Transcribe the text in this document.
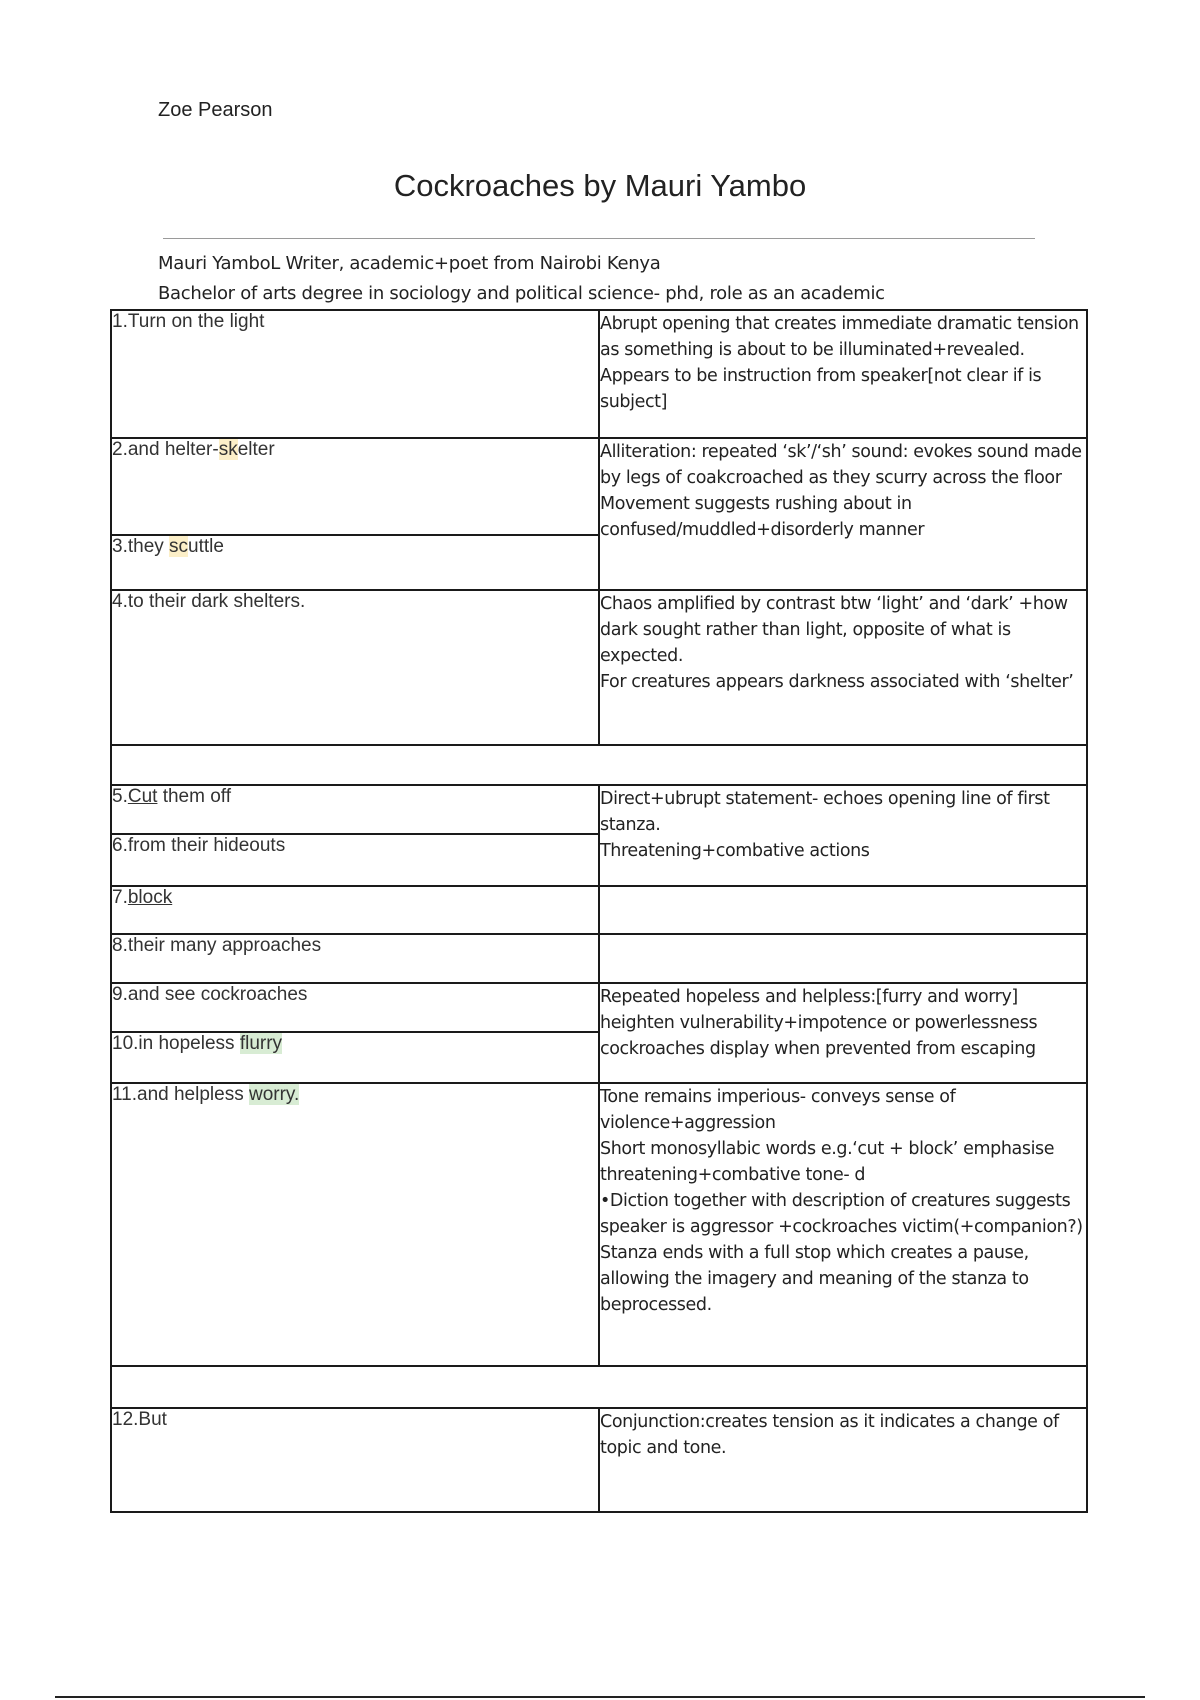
Zoe Pearson
Cockroaches by Mauri Yambo
Mauri YamboL Writer, academic+poet from Nairobi Kenya
Bachelor of arts degree in sociology and political science- phd, role as an academic
1.Turn on the light	Abrupt opening that creates immediate dramatic tension as something is about to be illuminated+revealed. Appears to be instruction from speaker[not clear if is subject]
2.and helter-skelter	Alliteration: repeated ‘sk’/‘sh’ sound: evokes sound made by legs of coakcroached as they scurry across the floor
Movement suggests rushing about in confused/muddled+disorderly manner

3.they scuttle	
4.to their dark shelters.	Chaos amplified by contrast btw ‘light’ and ‘dark’ +how dark sought rather than light, opposite of what is expected.
For creatures appears darkness associated with ‘shelter’

5.Cut them off	Direct+ubrupt statement- echoes opening line of first stanza.
Threatening+combative actions

6.from their hideouts	
7.block	
8.their many approaches	
9.and see cockroaches	Repeated hopeless and helpless:[furry and worry] heighten vulnerability+impotence or powerlessness cockroaches display when prevented from escaping
10.in hopeless flurry	
11.and helpless worry.	Tone remains imperious- conveys sense of violence+aggression
Short monosyllabic words e.g.‘cut + block’ emphasise threatening+combative tone- d
•Diction together with description of creatures suggests speaker is aggressor +cockroaches victim(+companion?)
Stanza ends with a full stop which creates a pause, allowing the imagery and meaning of the stanza to beprocessed.

12.But	Conjunction:creates tension as it indicates a change of topic and tone.
